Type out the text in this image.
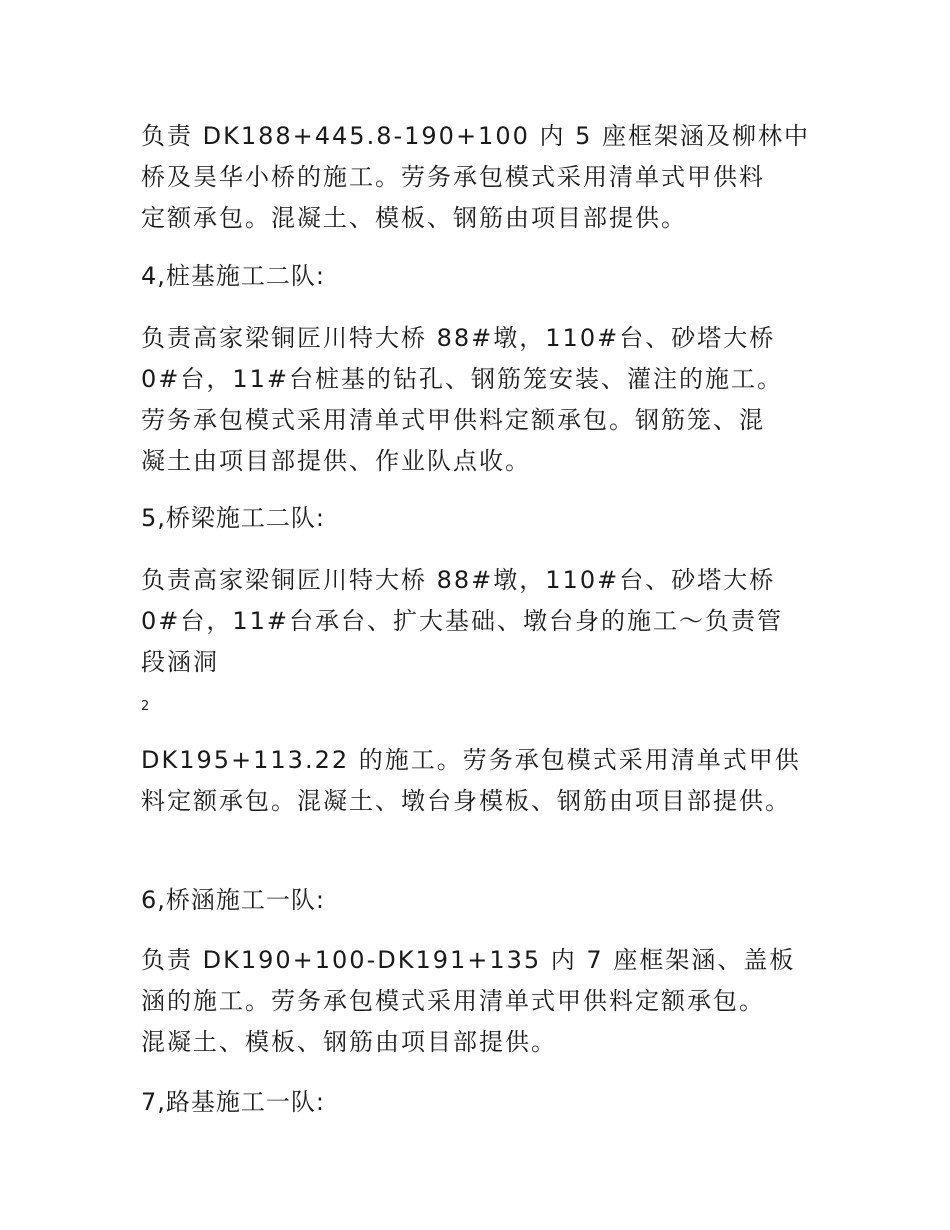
负责 DK188+445.8-190+100 内 5 座框架涵及柳林中
桥及昊华小桥的施工。劳务承包模式采用清单式甲供料
定额承包。混凝土、模板、钢筋由项目部提供。

4,桩基施工二队:

负责高家梁铜匠川特大桥 88#墩，110#台、砂塔大桥
0#台，11#台桩基的钻孔、钢筋笼安装、灌注的施工。
劳务承包模式采用清单式甲供料定额承包。钢筋笼、混
凝土由项目部提供、作业队点收。

5,桥梁施工二队:

负责高家梁铜匠川特大桥 88#墩，110#台、砂塔大桥
0#台，11#台承台、扩大基础、墩台身的施工～负责管
段涵洞

2

DK195+113.22 的施工。劳务承包模式采用清单式甲供
料定额承包。混凝土、墩台身模板、钢筋由项目部提供。

6,桥涵施工一队:

负责 DK190+100-DK191+135 内 7 座框架涵、盖板
涵的施工。劳务承包模式采用清单式甲供料定额承包。
混凝土、模板、钢筋由项目部提供。

7,路基施工一队:
